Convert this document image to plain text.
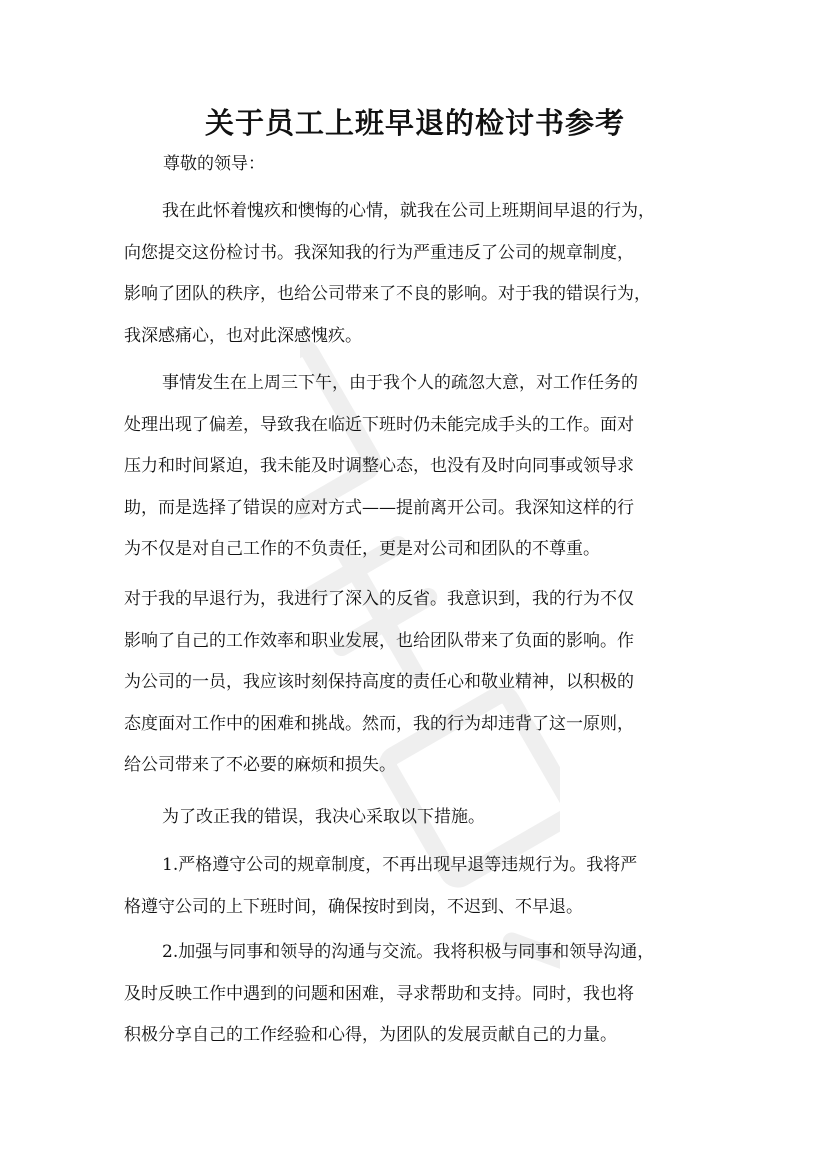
关于员工上班早退的检讨书参考
尊敬的领导：

我在此怀着愧疚和懊悔的心情，就我在公司上班期间早退的行为，
向您提交这份检讨书。我深知我的行为严重违反了公司的规章制度，
影响了团队的秩序，也给公司带来了不良的影响。对于我的错误行为，
我深感痛心，也对此深感愧疚。

事情发生在上周三下午，由于我个人的疏忽大意，对工作任务的
处理出现了偏差，导致我在临近下班时仍未能完成手头的工作。面对
压力和时间紧迫，我未能及时调整心态，也没有及时向同事或领导求
助，而是选择了错误的应对方式——提前离开公司。我深知这样的行
为不仅是对自己工作的不负责任，更是对公司和团队的不尊重。

对于我的早退行为，我进行了深入的反省。我意识到，我的行为不仅
影响了自己的工作效率和职业发展，也给团队带来了负面的影响。作
为公司的一员，我应该时刻保持高度的责任心和敬业精神，以积极的
态度面对工作中的困难和挑战。然而，我的行为却违背了这一原则，
给公司带来了不必要的麻烦和损失。

为了改正我的错误，我决心采取以下措施。

1.严格遵守公司的规章制度，不再出现早退等违规行为。我将严
格遵守公司的上下班时间，确保按时到岗，不迟到、不早退。

2.加强与同事和领导的沟通与交流。我将积极与同事和领导沟通，
及时反映工作中遇到的问题和困难，寻求帮助和支持。同时，我也将
积极分享自己的工作经验和心得，为团队的发展贡献自己的力量。
